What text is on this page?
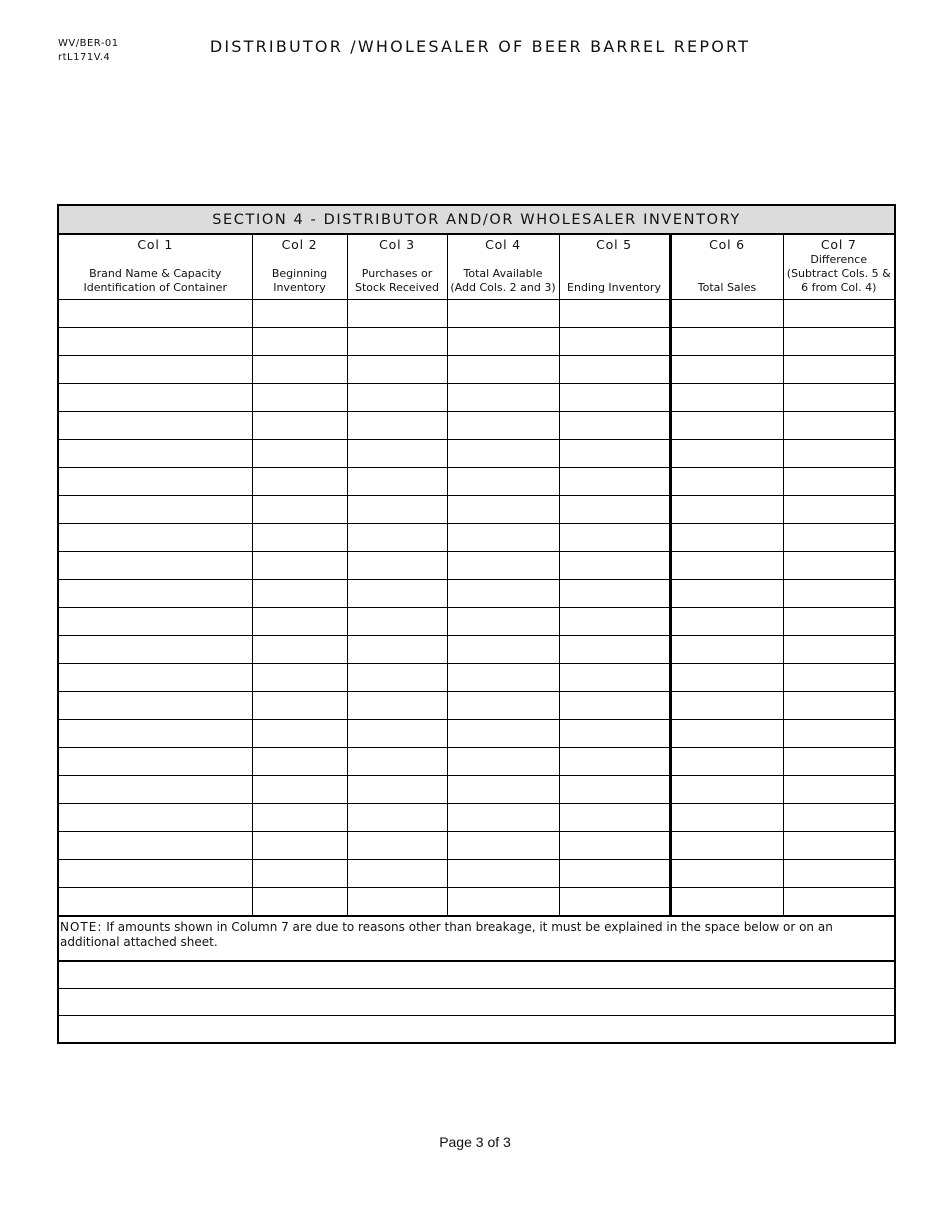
WV/BER-01
rtL171V.4
DISTRIBUTOR /WHOLESALER OF BEER BARREL REPORT
SECTION 4 - DISTRIBUTOR AND/OR WHOLESALER INVENTORY						

Col 1
Brand Name & Capacity
Identification of Container	Col 2
Beginning
Inventory	Col 3
Purchases or
Stock Received	Col 4
Total Available
(Add Cols. 2 and 3)	Col 5
Ending Inventory	Col 6
Total Sales	Col 7
Difference
(Subtract Cols. 5 &
6 from Col. 4)

NOTE: If amounts shown in Column 7 are due to reasons other than breakage, it must be explained in the space below or on an additional attached sheet.						

Page 3 of 3
